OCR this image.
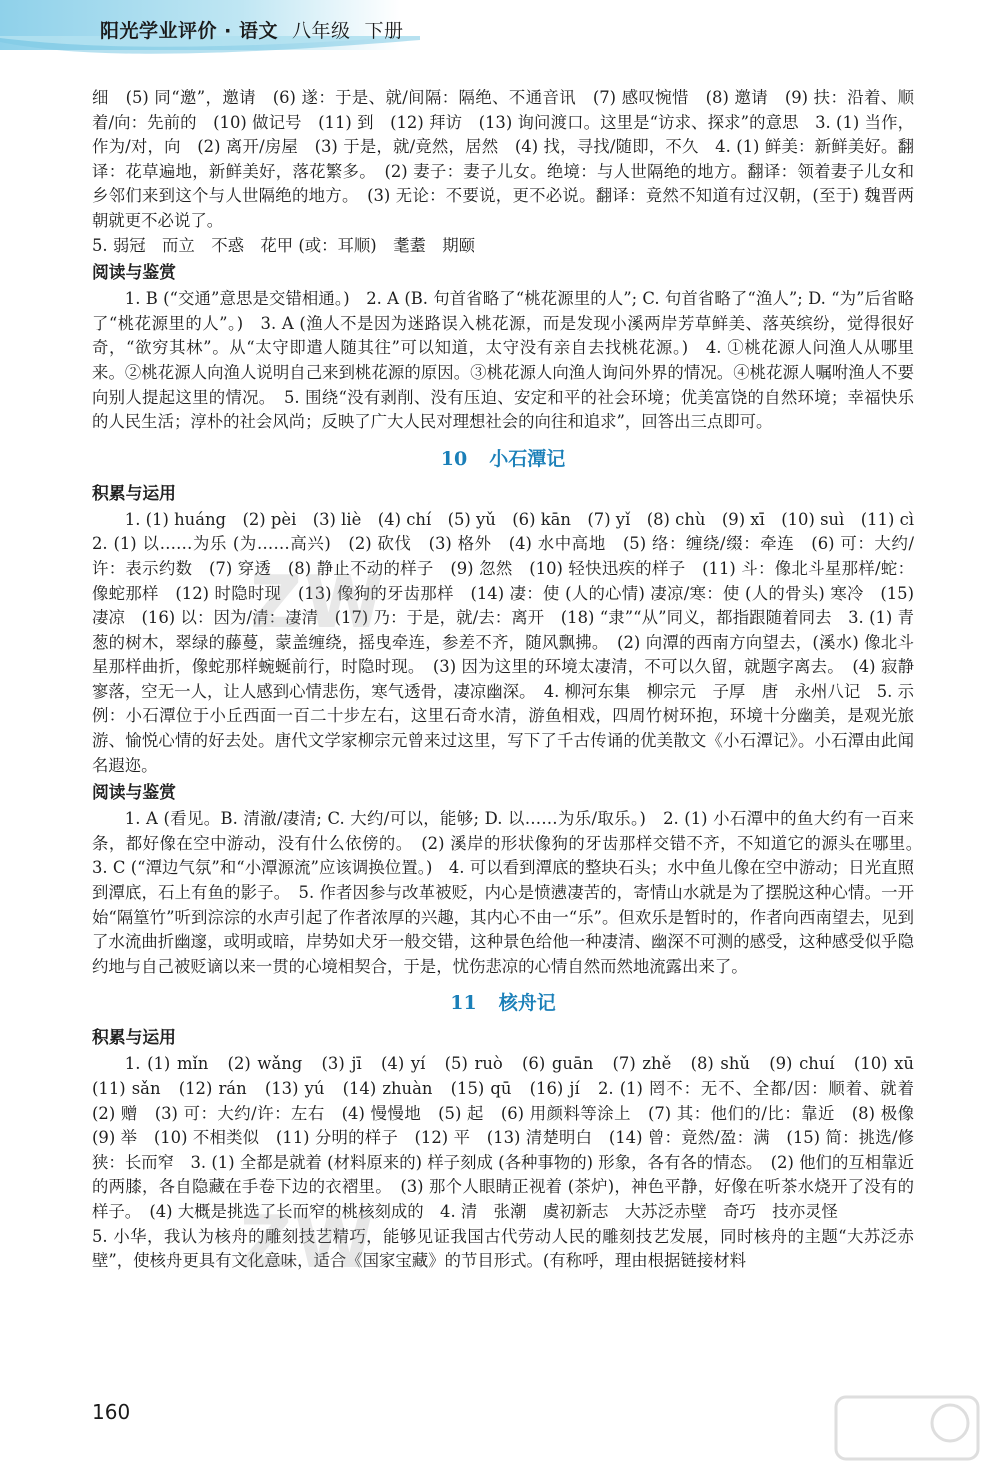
阳光学业评价 · 语文 八年级 下册

细　(5) 同“邀”，邀请　(6) 遂：于是、就/间隔：隔绝、不通音讯　(7) 感叹惋惜　(8) 邀请　(9) 扶：沿着、顺着/向：先前的　(10) 做记号　(11) 到　(12) 拜访　(13) 询问渡口。这里是“访求、探求”的意思　3. (1) 当作，作为/对，向　(2) 离开/房屋　(3) 于是，就/竟然，居然　(4) 找，寻找/随即，不久　4. (1) 鲜美：新鲜美好。翻译：花草遍地，新鲜美好，落花繁多。　(2) 妻子：妻子儿女。绝境：与人世隔绝的地方。翻译：领着妻子儿女和乡邻们来到这个与人世隔绝的地方。　(3) 无论：不要说，更不必说。翻译：竟然不知道有过汉朝，(至于) 魏晋两朝就更不必说了。

5. 弱冠　而立　不惑　花甲 (或：耳顺)　耄耋　期颐

阅读与鉴赏

1. B (“交通”意思是交错相通。)　2. A (B. 句首省略了“桃花源里的人”; C. 句首省略了“渔人”; D. “为”后省略了“桃花源里的人”。)　3. A (渔人不是因为迷路误入桃花源，而是发现小溪两岸芳草鲜美、落英缤纷，觉得很好奇，“欲穷其林”。从“太守即遣人随其往”可以知道，太守没有亲自去找桃花源。)　4. ①桃花源人问渔人从哪里来。②桃花源人向渔人说明自己来到桃花源的原因。③桃花源人向渔人询问外界的情况。④桃花源人嘱咐渔人不要向别人提起这里的情况。　5. 围绕“没有剥削、没有压迫、安定和平的社会环境；优美富饶的自然环境；幸福快乐的人民生活；淳朴的社会风尚；反映了广大人民对理想社会的向往和追求”，回答出三点即可。

10 小石潭记
积累与运用

1. (1) huáng　(2) pèi　(3) liè　(4) chí　(5) yǔ　(6) kān　(7) yǐ　(8) chù　(9) xī　(10) suì　(11) cì　2. (1) 以……为乐 (为……高兴)　(2) 砍伐　(3) 格外　(4) 水中高地　(5) 络：缠绕/缀：牵连　(6) 可：大约/许：表示约数　(7) 穿透　(8) 静止不动的样子　(9) 忽然　(10) 轻快迅疾的样子　(11) 斗：像北斗星那样/蛇：像蛇那样　(12) 时隐时现　(13) 像狗的牙齿那样　(14) 凄：使 (人的心情) 凄凉/寒：使 (人的骨头) 寒冷　(15) 凄凉　(16) 以：因为/清：凄清　(17) 乃：于是，就/去：离开　(18) “隶”“从”同义，都指跟随着同去　3. (1) 青葱的树木，翠绿的藤蔓，蒙盖缠绕，摇曳牵连，参差不齐，随风飘拂。　(2) 向潭的西南方向望去，(溪水) 像北斗星那样曲折，像蛇那样蜿蜒前行，时隐时现。　(3) 因为这里的环境太凄清，不可以久留，就题字离去。　(4) 寂静寥落，空无一人，让人感到心情悲伤，寒气透骨，凄凉幽深。　4. 柳河东集　柳宗元　子厚　唐　永州八记　5. 示例：小石潭位于小丘西面一百二十步左右，这里石奇水清，游鱼相戏，四周竹树环抱，环境十分幽美，是观光旅游、愉悦心情的好去处。唐代文学家柳宗元曾来过这里，写下了千古传诵的优美散文《小石潭记》。小石潭由此闻名遐迩。

阅读与鉴赏

1. A (看见。B. 清澈/凄清; C. 大约/可以，能够; D. 以……为乐/取乐。)　2. (1) 小石潭中的鱼大约有一百来条，都好像在空中游动，没有什么依傍的。　(2) 溪岸的形状像狗的牙齿那样交错不齐，不知道它的源头在哪里。　3. C (“潭边气氛”和“小潭源流”应该调换位置。)　4. 可以看到潭底的整块石头；水中鱼儿像在空中游动；日光直照到潭底，石上有鱼的影子。　5. 作者因参与改革被贬，内心是愤懑凄苦的，寄情山水就是为了摆脱这种心情。一开始“隔篁竹”听到淙淙的水声引起了作者浓厚的兴趣，其内心不由一“乐”。但欢乐是暂时的，作者向西南望去，见到了水流曲折幽邃，或明或暗，岸势如犬牙一般交错，这种景色给他一种凄清、幽深不可测的感受，这种感受似乎隐约地与自己被贬谪以来一贯的心境相契合，于是，忧伤悲凉的心情自然而然地流露出来了。

11 核舟记
积累与运用

1. (1) mǐn　(2) wǎng　(3) jī　(4) yí　(5) ruò　(6) guān　(7) zhě　(8) shǔ　(9) chuí　(10) xū　(11) sǎn　(12) rán　(13) yú　(14) zhuàn　(15) qū　(16) jí　2. (1) 罔不：无不、全都/因：顺着、就着　(2) 赠　(3) 可：大约/许：左右　(4) 慢慢地　(5) 起　(6) 用颜料等涂上　(7) 其：他们的/比：靠近　(8) 极像　(9) 举　(10) 不相类似　(11) 分明的样子　(12) 平　(13) 清楚明白　(14) 曾：竟然/盈：满　(15) 简：挑选/修狭：长而窄　3. (1) 全都是就着 (材料原来的) 样子刻成 (各种事物的) 形象，各有各的情态。　(2) 他们的互相靠近的两膝，各自隐藏在手卷下边的衣褶里。　(3) 那个人眼睛正视着 (茶炉)，神色平静，好像在听茶水烧开了没有的样子。　(4) 大概是挑选了长而窄的桃核刻成的　4. 清　张潮　虞初新志　大苏泛赤壁　奇巧　技亦灵怪

5. 小华，我认为核舟的雕刻技艺精巧，能够见证我国古代劳动人民的雕刻技艺发展，同时核舟的主题“大苏泛赤壁”，使核舟更具有文化意味，适合《国家宝藏》的节目形式。(有称呼，理由根据链接材料

160
ZW
ZW
